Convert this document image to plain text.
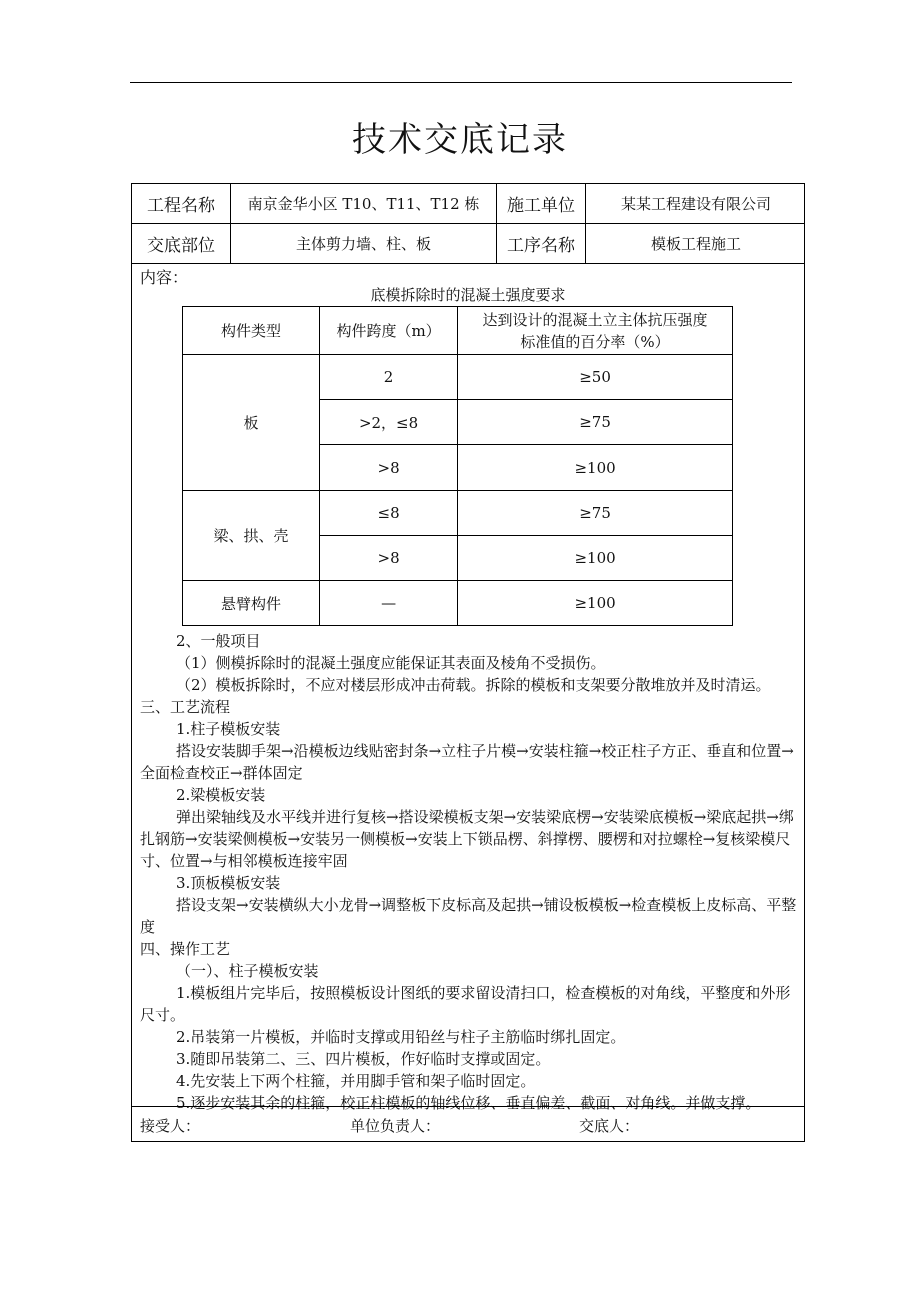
技术交底记录
工程名称	南京金华小区 T10、T11、T12 栋	施工单位	某某工程建设有限公司
交底部位	主体剪力墙、柱、板	工序名称	模板工程施工
内容：
底模拆除时的混凝土强度要求
构件类型	构件跨度（m）	达到设计的混凝土立主体抗压强度
标准值的百分率（%）

板	2	≥50
	>2，≤8	≥75
	>8	≥100
梁、拱、壳	≤8	≥75
	>8	≥100
悬臂构件	—	≥100
2、一般项目
（1）侧模拆除时的混凝土强度应能保证其表面及棱角不受损伤。
（2）模板拆除时，不应对楼层形成冲击荷载。拆除的模板和支架要分散堆放并及时清运。
三、工艺流程
1.柱子模板安装
搭设安装脚手架→沿模板边线贴密封条→立柱子片模→安装柱箍→校正柱子方正、垂直和位置→全面检查校正→群体固定
2.梁模板安装
弹出梁轴线及水平线并进行复核→搭设梁模板支架→安装梁底楞→安装梁底模板→梁底起拱→绑扎钢筋→安装梁侧模板→安装另一侧模板→安装上下锁品楞、斜撑楞、腰楞和对拉螺栓→复核梁模尺寸、位置→与相邻模板连接牢固
3.顶板模板安装
搭设支架→安装横纵大小龙骨→调整板下皮标高及起拱→铺设板模板→检查模板上皮标高、平整度
四、操作工艺
（一）、柱子模板安装
1.模板组片完毕后，按照模板设计图纸的要求留设清扫口，检查模板的对角线，平整度和外形尺寸。
2.吊装第一片模板，并临时支撑或用铅丝与柱子主筋临时绑扎固定。
3.随即吊装第二、三、四片模板，作好临时支撑或固定。
4.先安装上下两个柱箍，并用脚手管和架子临时固定。
5.逐步安装其余的柱箍，校正柱模板的轴线位移、垂直偏差、截面、对角线。并做支撑。
接受人：	单位负责人：	交底人：
